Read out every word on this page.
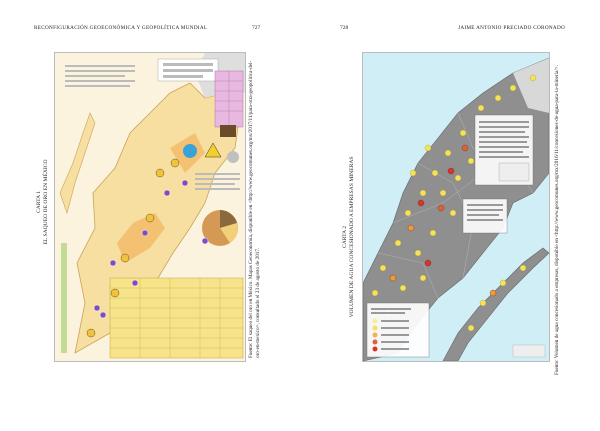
RECONFIGURACIÓN GEOECONÓMICA Y GEOPOLÍTICA MUNDIAL	727
CARTA 1 EL SAQUEO DE ORO EN MÉXICO	Fuente: El saqueo del oro en México. Mapas Geoeconomía, disponible en <http://www.geocomunes.org/mx/2017/11/para-otra-geopolitica-del-oro-en-mexico>, consultado el 23 de agosto de 2017.
728	JAIME ANTONIO PRECIADO CORONADO
CARTA 2 VOLUMEN DE AGUA CONCESIONADO A EMPRESAS MINERAS	Fuente: Volumen de agua concesionado a empresas, disponible en <http://www.geocomunes.org/mx/2016/11/concesiones-de-agua-para-la-mineria/>.
